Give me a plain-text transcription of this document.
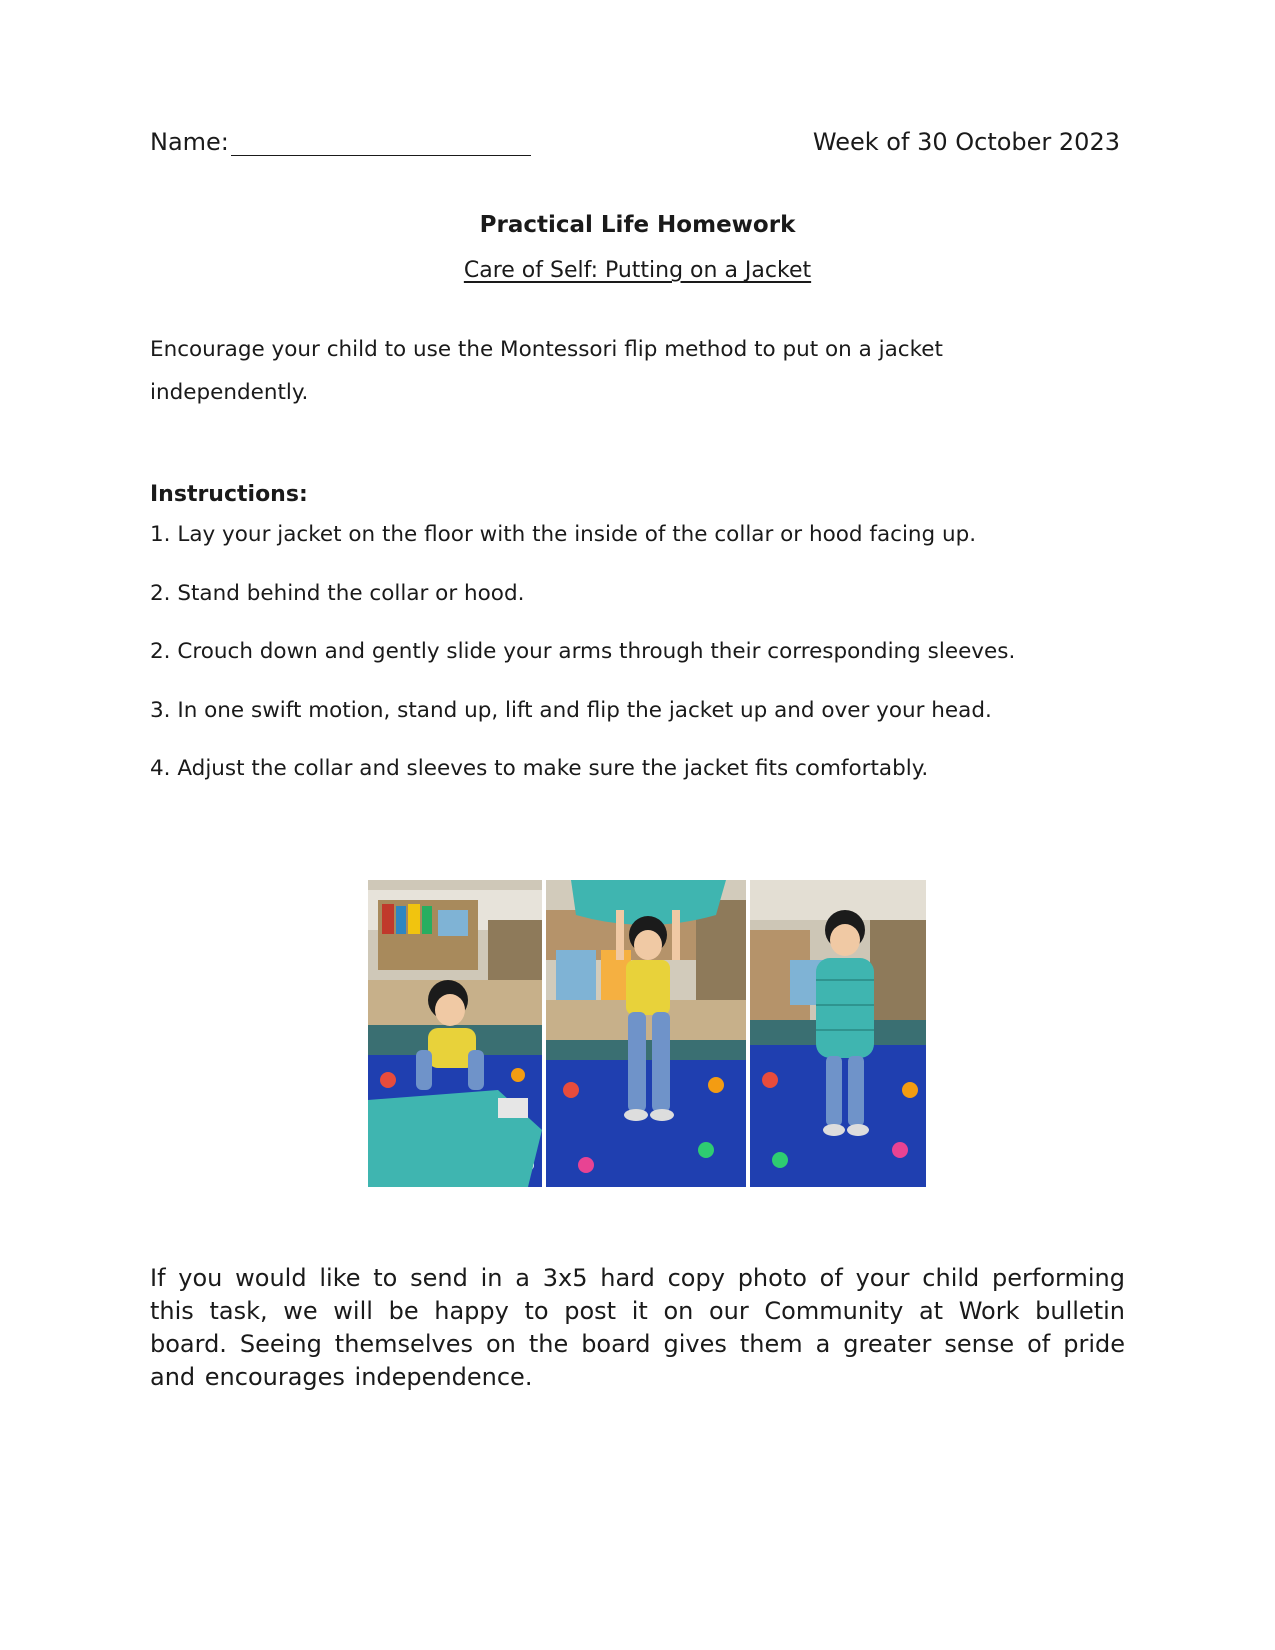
Name:	Week of 30 October 2023
Practical Life Homework
Care of Self: Putting on a Jacket
Encourage your child to use the Montessori flip method to put on a jacket independently.
Instructions:
1. Lay your jacket on the floor with the inside of the collar or hood facing up.
2. Stand behind the collar or hood.
2. Crouch down and gently slide your arms through their corresponding sleeves.
3. In one swift motion, stand up, lift and flip the jacket up and over your head.
4. Adjust the collar and sleeves to make sure the jacket fits comfortably.
If you would like to send in a 3x5 hard copy photo of your child performing this task, we will be happy to post it on our Community at Work bulletin board. Seeing themselves on the board gives them a greater sense of pride and encourages independence.
